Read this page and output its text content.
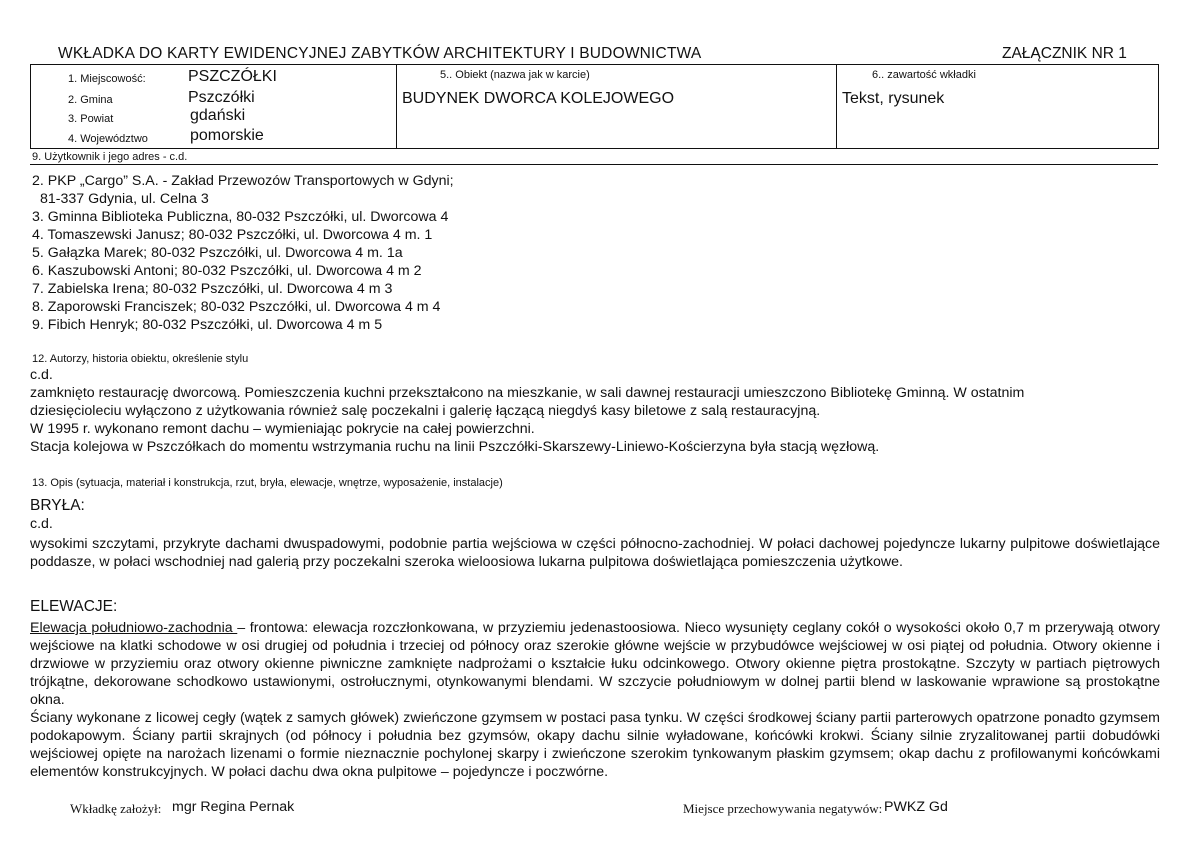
WKŁADKA DO KARTY EWIDENCYJNEJ ZABYTKÓW ARCHITEKTURY I BUDOWNICTWA	ZAŁĄCZNIK NR 1
1. Miejscowość:	PSZCZÓŁKI
2. Gmina	Pszczółki
3. Powiat	gdański
4. Województwo	pomorskie
5.. Obiekt (nazwa jak w karcie)
BUDYNEK DWORCA KOLEJOWEGO
6.. zawartość wkładki
Tekst, rysunek
9. Użytkownik i jego adres - c.d.
2. PKP „Cargo” S.A. - Zakład Przewozów Transportowych w Gdyni;
81-337 Gdynia, ul. Celna 3
3. Gminna Biblioteka Publiczna, 80-032 Pszczółki, ul. Dworcowa 4
4. Tomaszewski Janusz; 80-032 Pszczółki, ul. Dworcowa 4 m. 1
5. Gałązka Marek; 80-032 Pszczółki, ul. Dworcowa 4 m. 1a
6. Kaszubowski Antoni; 80-032 Pszczółki, ul. Dworcowa 4 m 2
7. Zabielska Irena; 80-032 Pszczółki, ul. Dworcowa 4 m 3
8. Zaporowski Franciszek; 80-032 Pszczółki, ul. Dworcowa 4 m 4
9. Fibich Henryk; 80-032 Pszczółki, ul. Dworcowa 4 m 5
12. Autorzy, historia obiektu, określenie stylu
c.d.
zamknięto restaurację dworcową. Pomieszczenia kuchni przekształcono na mieszkanie, w sali dawnej restauracji umieszczono Bibliotekę Gminną. W ostatnim
dziesięcioleciu wyłączono z użytkowania również salę poczekalni i galerię łączącą niegdyś kasy biletowe z salą restauracyjną.
W 1995 r. wykonano remont dachu – wymieniając pokrycie na całej powierzchni.
Stacja kolejowa w Pszczółkach do momentu wstrzymania ruchu na linii Pszczółki-Skarszewy-Liniewo-Kościerzyna była stacją węzłową.
13. Opis (sytuacja, materiał i konstrukcja, rzut, bryła, elewacje, wnętrze, wyposażenie, instalacje)
BRYŁA:
c.d.
wysokimi szczytami, przykryte dachami dwuspadowymi, podobnie partia wejściowa w części północno-zachodniej. W połaci dachowej pojedyncze lukarny pulpitowe doświetlające poddasze, w połaci wschodniej nad galerią przy poczekalni szeroka wieloosiowa lukarna pulpitowa doświetlająca pomieszczenia użytkowe.
ELEWACJE:
Elewacja południowo-zachodnia – frontowa: elewacja rozczłonkowana, w przyziemiu jedenastoosiowa. Nieco wysunięty ceglany cokół o wysokości około 0,7 m przerywają otwory wejściowe na klatki schodowe w osi drugiej od południa i trzeciej od północy oraz szerokie główne wejście w przybudówce wejściowej w osi piątej od południa. Otwory okienne i drzwiowe w przyziemiu oraz otwory okienne piwniczne zamknięte nadprożami o kształcie łuku odcinkowego. Otwory okienne piętra prostokątne. Szczyty w partiach piętrowych trójkątne, dekorowane schodkowo ustawionymi, ostrołucznymi, otynkowanymi blendami. W szczycie południowym w dolnej partii blend w laskowanie wprawione są prostokątne okna.
Ściany wykonane z licowej cegły (wątek z samych główek) zwieńczone gzymsem w postaci pasa tynku. W części środkowej ściany partii parterowych opatrzone ponadto gzymsem podokapowym. Ściany partii skrajnych (od północy i południa bez gzymsów, okapy dachu silnie wyładowane, końcówki krokwi. Ściany silnie zryzalitowanej partii dobudówki wejściowej opięte na narożach lizenami o formie nieznacznie pochylonej skarpy i zwieńczone szerokim tynkowanym płaskim gzymsem; okap dachu z profilowanymi końcówkami elementów konstrukcyjnych. W połaci dachu dwa okna pulpitowe – pojedyncze i poczwórne.
Wkładkę założył: mgr Regina Pernak	Miejsce przechowywania negatywów: PWKZ Gd
